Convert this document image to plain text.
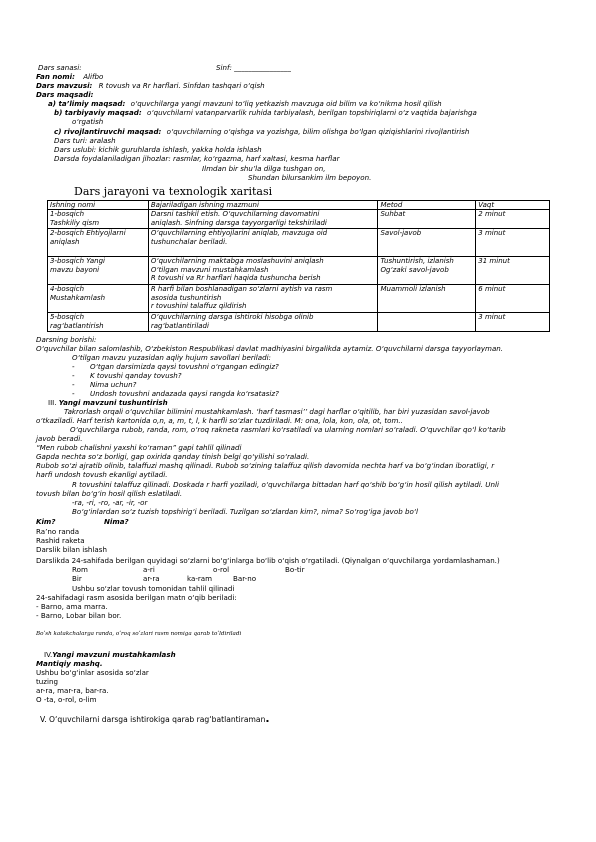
Dars sanasi:	Sinf: ________________
Fan nomi: Alifbo
Dars mavzusi: R tovush va Rr harflari. Sinfdan tashqari o‘qish
Dars maqsadi:
a) ta’limiy maqsad: o‘quvchilarga yangi mavzuni to‘liq yetkazish mavzuga oid bilim va ko‘nikma hosil qilish
b) tarbiyaviy maqsad: o‘quvchilarni vatanparvarlik ruhida tarbiyalash, berilgan topshiriqlarni o‘z vaqtida bajarishga
o‘rgatish
c) rivojlantiruvchi maqsad: o‘quvchilarning o‘qishga va yozishga, bilim olishga bo‘lgan qiziqishlarini rivojlantirish
Dars turi: aralash
Dars uslubi: kichik guruhlarda ishlash, yakka holda ishlash
Darsda foydalaniladigan jihozlar: rasmlar, ko‘rgazma, harf xaltasi, kesma harflar
Ilmdan bir shu’la dilga tushgan on,
Shundan bilursankim ilm bepoyon.
Dars jarayoni va texnologik xaritasi
Ishning nomi	Bajariladigan ishning mazmuni	Metod	Vaqt

1-bosqich
Tashkiliy qism	Darsni tashkil etish. O‘quvchilarning davomatini
aniqlash. Sinfning darsga tayyorgarligi tekshiriladi	Suhbat	2 minut

2-bosqich Ehtiyojlarni
aniqlash	O‘quvchilarning ehtiyojlarini aniqlab, mavzuga oid
tushunchalar beriladi.	Savol-javob	3 minut

3-bosqich Yangi
mavzu bayoni	O‘quvchilarning maktabga moslashuvini aniqlash
O‘tilgan mavzuni mustahkamlash
R tovushi va Rr harflari haqida tushuncha berish	Tushuntirish, izlanish
Og‘zaki savol-javob	31 minut

4-bosqich
Mustahkamlash	R harfi bilan boshlanadigan so‘zlarni aytish va rasm
asosida tushuntirish
r tovushini talaffuz qildirish	Muammoli izlanish	6 minut

5-bosqich
rag‘batlantirish	O‘quvchilarning darsga ishtiroki hisobga olinib
rag‘batlantiriladi		3 minut
Darsning borishi:
O‘quvchilar bilan salomlashib, O‘zbekiston Respublikasi davlat madhiyasini birgalikda aytamiz. O‘quvchilarni darsga tayyorlayman.
O‘tilgan mavzu yuzasidan aqliy hujum savollari beriladi:
- O‘tgan darsimizda qaysi tovushni o‘rgangan edingiz?
- K tovushi qanday tovush?
- Nima uchun?
- Undosh tovushni andazada qaysi rangda ko‘rsatasiz?
III. Yangi mavzuni tushuntirish
Takrorlash orqali o‘quvchilar bilimini mustahkamlash. ‘harf tasmasi’’ dagi harflar o‘qitilib, har biri yuzasidan savol-javob
o‘tkaziladi. Harf terish kartonida o,n, a, m, t, l, k harfli so‘zlar tuzdiriladi. M: ona, lola, kon, ola, ot, tom..
O‘quvchilarga rubob, randa, rom, o‘roq rakneta rasmlari ko‘rsatiladi va ularning nomlari so‘raladi. O‘quvchilar qo‘l ko‘tarib
javob beradi.
“Men rubob chalishni yaxshi ko‘raman” gapi tahlil qilinadi
Gapda nechta so‘z borligi, gap oxirida qanday tinish belgi qo‘yilishi so‘raladi.
Rubob so‘zi ajratib olinib, talaffuzi mashq qilinadi. Rubob so‘zining talaffuz qilish davomida nechta harf va bo‘g‘indan iboratligi, r
harfi undosh tovush ekanligi aytiladi.
R tovushini talaffuz qilinadi. Doskada r harfi yoziladi, o‘quvchilarga bittadan harf qo‘shib bo‘g‘in hosil qilish aytiladi. Unli
tovush bilan bo‘g‘in hosil qilish eslatiladi.
-ra, -ri, -ro, -ar, -ir, -or
Bo‘g‘inlardan so‘z tuzish topshirig‘i beriladi. Tuzilgan so‘zlardan kim?, nima? So‘rog‘iga javob bo‘l
Kim?	Nima?
Ra’no randa
Rashid raketa
Darslik bilan ishlash
Darslikda 24-sahifada berilgan quyidagi so‘zlarni bo‘g‘inlarga bo‘lib o‘qish o‘rgatiladi. (Qiynalgan o‘quvchilarga yordamlashaman.)
Rom	a-ri	o-rol	Bo-tir
Bir	ar-ra	ka-ram	Bar-no
Ushbu so‘zlar tovush tomonidan tahlil qilinadi
24-sahifadagi rasm asosida berilgan matn o‘qib beriladi:
- Barno, ama marra.
- Barno, Lobar bilan bor.
Bo‘sh katakchalarga randa, o‘roq so‘zlari rasm nomiga qarab to‘ldiriladi
IV.Yangi mavzuni mustahkamlash
Mantiqiy mashq.
Ushbu bo‘g‘inlar asosida so‘zlar
tuzing
ar-ra, mar-ra, bar-ra.
O -ta, o-rol, o-lim
V. O‘quvchilarni darsga ishtirokiga qarab rag‘batlantiraman.
